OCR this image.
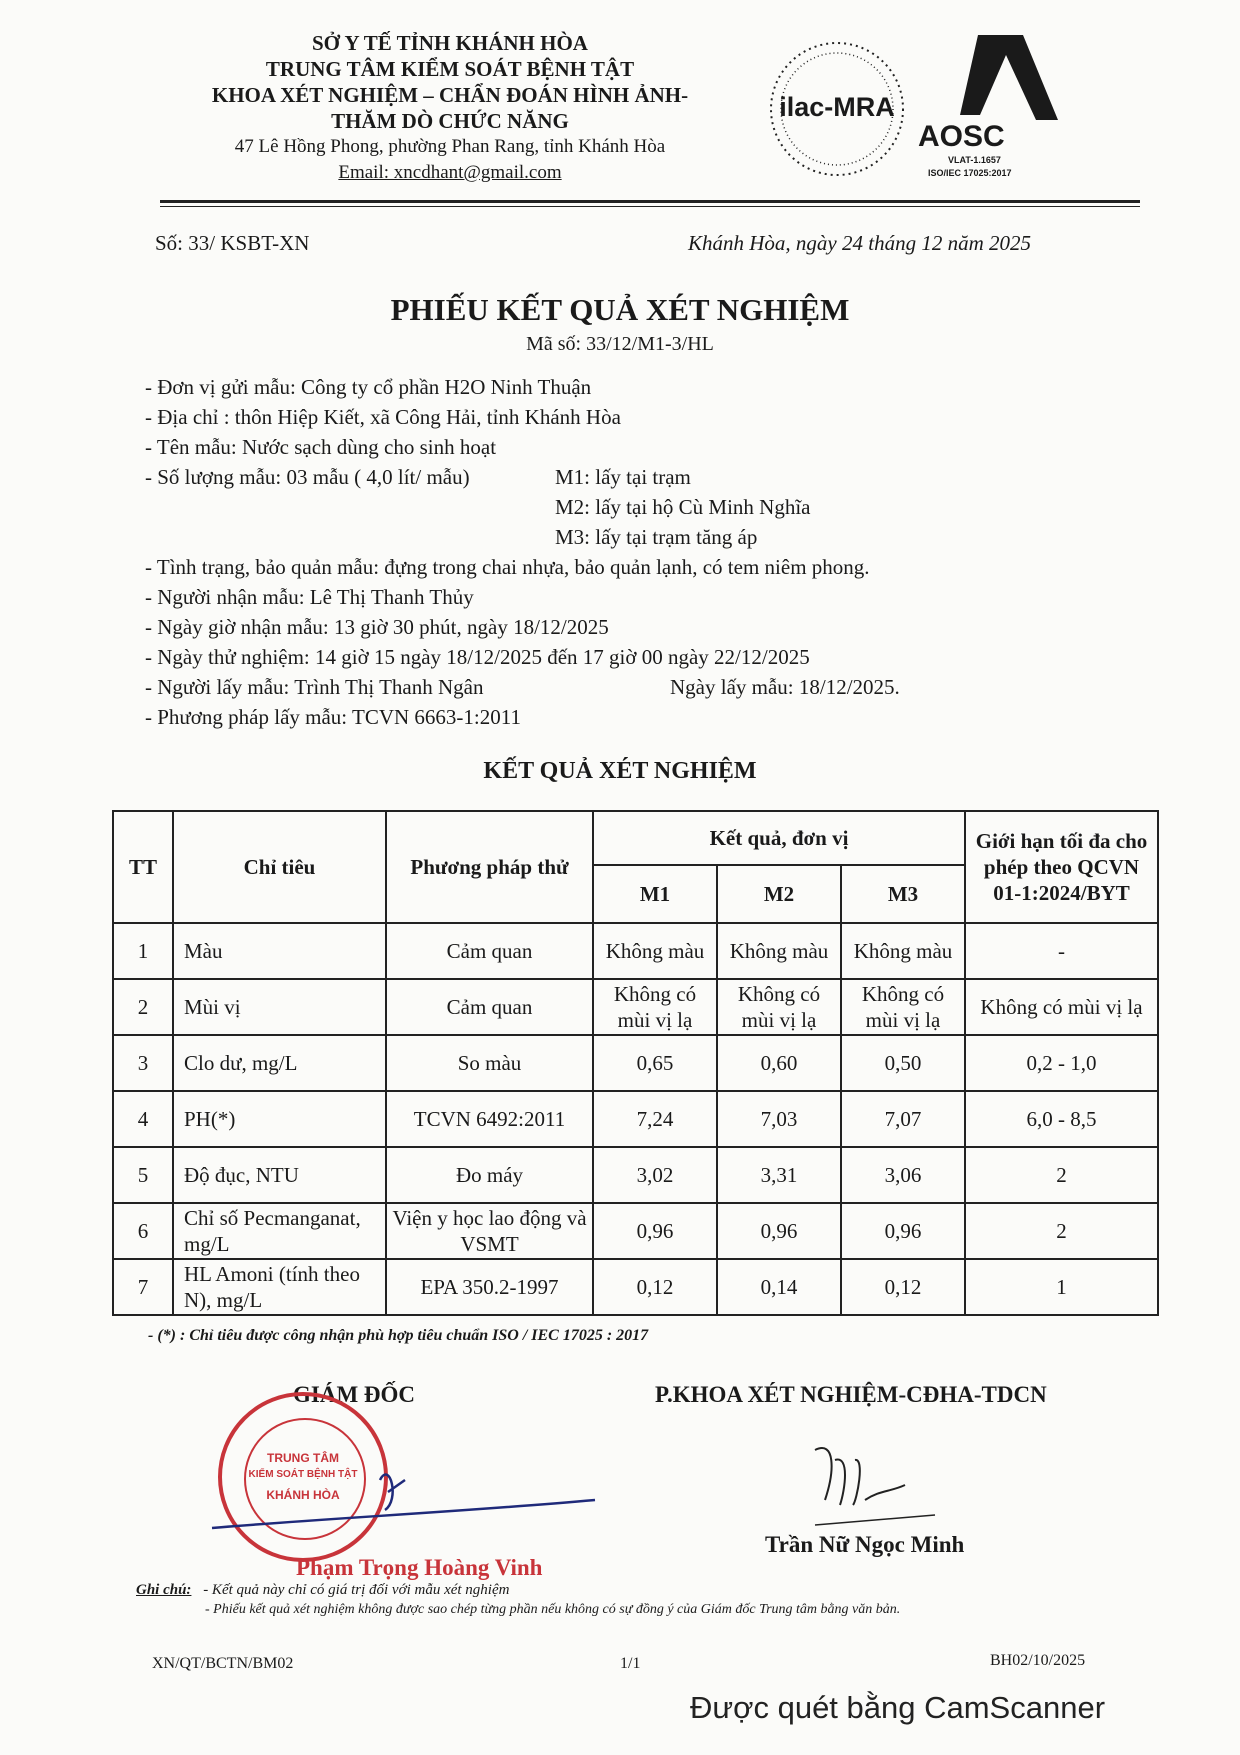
SỞ Y TẾ TỈNH KHÁNH HÒA
TRUNG TÂM KIỂM SOÁT BỆNH TẬT
KHOA XÉT NGHIỆM – CHẨN ĐOÁN HÌNH ẢNH-
THĂM DÒ CHỨC NĂNG
47 Lê Hồng Phong, phường Phan Rang, tỉnh Khánh Hòa
Email: xncdhant@gmail.com
ilac-MRA
AOSC
VLAT-1.1657
ISO/IEC 17025:2017
Số: 33/ KSBT-XN	Khánh Hòa, ngày 24 tháng 12 năm 2025
PHIẾU KẾT QUẢ XÉT NGHIỆM
Mã số: 33/12/M1-3/HL
- Đơn vị gửi mẫu: Công ty cổ phần H2O Ninh Thuận
- Địa chỉ : thôn Hiệp Kiết, xã Công Hải, tỉnh Khánh Hòa
- Tên mẫu: Nước sạch dùng cho sinh hoạt
- Số lượng mẫu: 03 mẫu ( 4,0 lít/ mẫu)	M1: lấy tại trạm
M2: lấy tại hộ Cù Minh Nghĩa
M3: lấy tại trạm tăng áp
- Tình trạng, bảo quản mẫu: đựng trong chai nhựa, bảo quản lạnh, có tem niêm phong.
- Người nhận mẫu: Lê Thị Thanh Thủy
- Ngày giờ nhận mẫu: 13 giờ 30 phút, ngày 18/12/2025
- Ngày thử nghiệm: 14 giờ 15 ngày 18/12/2025 đến 17 giờ 00 ngày 22/12/2025
- Người lấy mẫu: Trình Thị Thanh Ngân	Ngày lấy mẫu: 18/12/2025.
- Phương pháp lấy mẫu: TCVN 6663-1:2011
KẾT QUẢ XÉT NGHIỆM
TT	Chỉ tiêu	Phương pháp thử	Kết quả, đơn vị			Giới hạn tối đa cho phép theo QCVN 01-1:2024/BYT
			M1	M2	M3	
1	Màu	Cảm quan	Không màu	Không màu	Không màu	-
2	Mùi vị	Cảm quan	Không có mùi vị lạ	Không có mùi vị lạ	Không có mùi vị lạ	Không có mùi vị lạ
3	Clo dư, mg/L	So màu	0,65	0,60	0,50	0,2 - 1,0
4	PH(*)	TCVN 6492:2011	7,24	7,03	7,07	6,0 - 8,5
5	Độ đục, NTU	Đo máy	3,02	3,31	3,06	2
6	Chỉ số Pecmanganat, mg/L	Viện y học lao động và VSMT	0,96	0,96	0,96	2
7	HL Amoni (tính theo N), mg/L	EPA 350.2-1997	0,12	0,14	0,12	1
- (*) : Chỉ tiêu được công nhận phù hợp tiêu chuẩn ISO / IEC 17025 : 2017
GIÁM ĐỐC	P.KHOA XÉT NGHIỆM-CĐHA-TDCN
TRUNG TÂM
KIỂM SOÁT BỆNH TẬT
KHÁNH HÒA
Phạm Trọng Hoàng Vinh
Trần Nữ Ngọc Minh
Ghi chú: - Kết quả này chỉ có giá trị đối với mẫu xét nghiệm
- Phiếu kết quả xét nghiệm không được sao chép từng phần nếu không có sự đồng ý của Giám đốc Trung tâm bằng văn bản.
XN/QT/BCTN/BM02	1/1	BH02/10/2025
Được quét bằng CamScanner
